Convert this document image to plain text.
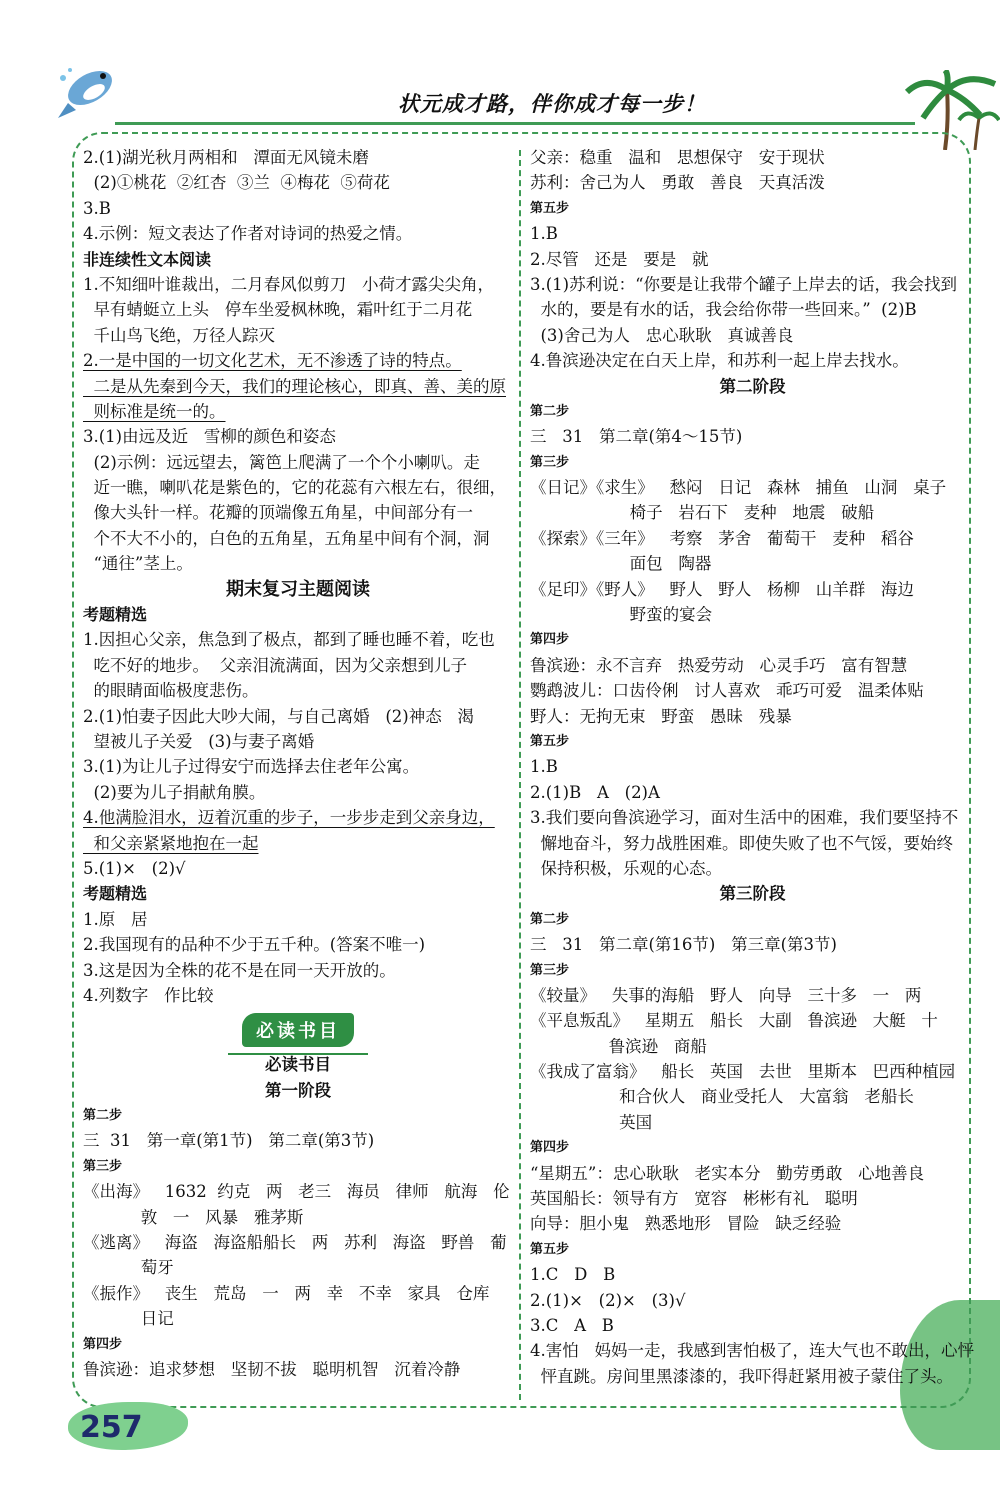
状元成才路，伴你成才每一步！
2.(1)湖光秋月两相和   潭面无风镜未磨
(2)①桃花  ②红杏  ③兰  ④梅花  ⑤荷花
3.B
4.示例：短文表达了作者对诗词的热爱之情。
非连续性文本阅读
1.不知细叶谁裁出，二月春风似剪刀   小荷才露尖尖角，
早有蜻蜓立上头   停车坐爱枫林晚，霜叶红于二月花
千山鸟飞绝，万径人踪灭
2.一是中国的一切文化艺术，无不渗透了诗的特点。
二是从先秦到今天，我们的理论核心，即真、善、美的原
则标准是统一的。
3.(1)由远及近   雪柳的颜色和姿态
(2)示例：远远望去，篱笆上爬满了一个个小喇叭。走
近一瞧，喇叭花是紫色的，它的花蕊有六根左右，很细，
像大头针一样。花瓣的顶端像五角星，中间部分有一
个不大不小的，白色的五角星，五角星中间有个洞，洞
“通往”茎上。
期末复习主题阅读
考题精选
1.因担心父亲，焦急到了极点，都到了睡也睡不着，吃也
吃不好的地步。  父亲泪流满面，因为父亲想到儿子
的眼睛面临极度悲伤。
2.(1)怕妻子因此大吵大闹，与自己离婚   (2)神态   渴
望被儿子关爱   (3)与妻子离婚
3.(1)为让儿子过得安宁而选择去住老年公寓。
(2)要为儿子捐献角膜。
4.他满脸泪水，迈着沉重的步子，一步步走到父亲身边，
和父亲紧紧地抱在一起
5.(1)×   (2)√
考题精选
1.原   居
2.我国现有的品种不少于五千种。(答案不唯一)
3.这是因为全株的花不是在同一天开放的。
4.列数字   作比较
必读书目
必读书目
第一阶段
第二步
三  31   第一章(第1节)   第二章(第3节)
第三步
《出海》   1632  约克   两   老三   海员   律师   航海   伦
敦   一   风暴   雅茅斯
《逃离》   海盗   海盗船船长   两   苏利   海盗   野兽   葡
萄牙
《振作》   丧生   荒岛   一   两   幸   不幸   家具   仓库
日记
第四步
鲁滨逊：追求梦想   坚韧不拔   聪明机智   沉着冷静
父亲：稳重   温和   思想保守   安于现状
苏利：舍己为人   勇敢   善良   天真活泼
第五步
1.B
2.尽管   还是   要是   就
3.(1)苏利说：“你要是让我带个罐子上岸去的话，我会找到
水的，要是有水的话，我会给你带一些回来。”  (2)B
(3)舍己为人   忠心耿耿   真诚善良
4.鲁滨逊决定在白天上岸，和苏利一起上岸去找水。
第二阶段
第二步
三   31   第二章(第4～15节)
第三步
《日记》《求生》   愁闷   日记   森林   捕鱼   山洞   桌子
椅子   岩石下   麦种   地震   破船
《探索》《三年》   考察   茅舍   葡萄干   麦种   稻谷
面包   陶器
《足印》《野人》   野人   野人   杨柳   山羊群   海边
野蛮的宴会
第四步
鲁滨逊：永不言弃   热爱劳动   心灵手巧   富有智慧
鹦鹉波儿：口齿伶俐   讨人喜欢   乖巧可爱   温柔体贴
野人：无拘无束   野蛮   愚昧   残暴
第五步
1.B
2.(1)B   A   (2)A
3.我们要向鲁滨逊学习，面对生活中的困难，我们要坚持不
懈地奋斗，努力战胜困难。即使失败了也不气馁，要始终
保持积极，乐观的心态。
第三阶段
第二步
三   31   第二章(第16节)   第三章(第3节)
第三步
《较量》   失事的海船   野人   向导   三十多   一   两
《平息叛乱》   星期五   船长   大副   鲁滨逊   大艇   十
鲁滨逊   商船
《我成了富翁》   船长   英国   去世   里斯本   巴西种植园
和合伙人   商业受托人   大富翁   老船长
英国
第四步
“星期五”：忠心耿耿   老实本分   勤劳勇敢   心地善良
英国船长：领导有方   宽容   彬彬有礼   聪明
向导：胆小鬼   熟悉地形   冒险   缺乏经验
第五步
1.C   D   B
2.(1)×   (2)×   (3)√
3.C   A   B
4.害怕   妈妈一走，我感到害怕极了，连大气也不敢出，心怦
怦直跳。房间里黑漆漆的，我吓得赶紧用被子蒙住了头。
257
